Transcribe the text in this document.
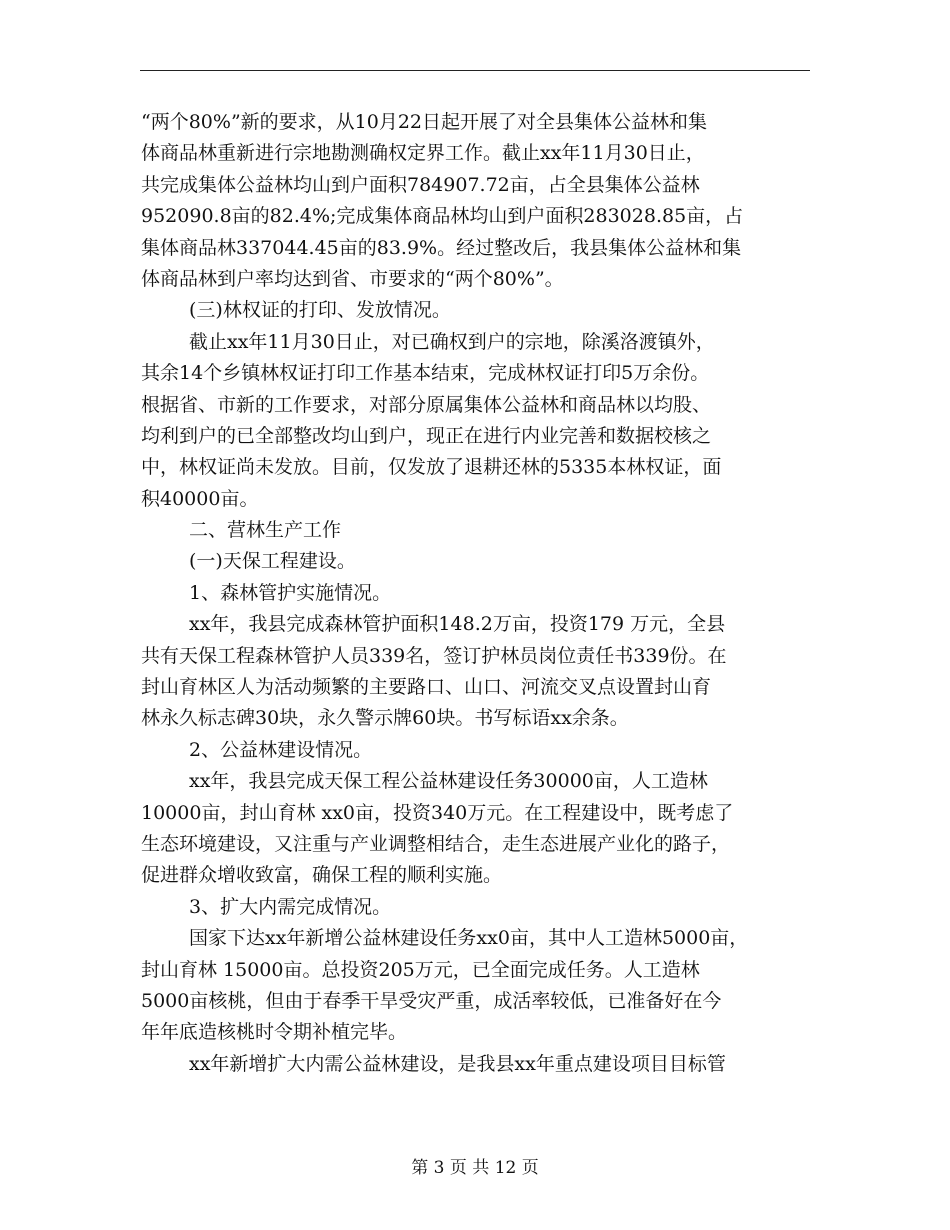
“两个80%”新的要求，从10月22日起开展了对全县集体公益林和集
体商品林重新进行宗地勘测确权定界工作。截止xx年11月30日止，
共完成集体公益林均山到户面积784907.72亩，占全县集体公益林
952090.8亩的82.4%;完成集体商品林均山到户面积283028.85亩，占
集体商品林337044.45亩的83.9%。经过整改后，我县集体公益林和集
体商品林到户率均达到省、市要求的“两个80%”。
(三)林权证的打印、发放情况。
截止xx年11月30日止，对已确权到户的宗地，除溪洛渡镇外，
其余14个乡镇林权证打印工作基本结束，完成林权证打印5万余份。
根据省、市新的工作要求，对部分原属集体公益林和商品林以均股、
均利到户的已全部整改均山到户，现正在进行内业完善和数据校核之
中，林权证尚未发放。目前，仅发放了退耕还林的5335本林权证，面
积40000亩。
二、营林生产工作
(一)天保工程建设。
1、森林管护实施情况。
xx年，我县完成森林管护面积148.2万亩，投资179 万元，全县
共有天保工程森林管护人员339名，签订护林员岗位责任书339份。在
封山育林区人为活动频繁的主要路口、山口、河流交叉点设置封山育
林永久标志碑30块，永久警示牌60块。书写标语xx余条。
2、公益林建设情况。
xx年，我县完成天保工程公益林建设任务30000亩，人工造林
10000亩，封山育林 xx0亩，投资340万元。在工程建设中，既考虑了
生态环境建设，又注重与产业调整相结合，走生态进展产业化的路子，
促进群众增收致富，确保工程的顺利实施。
3、扩大内需完成情况。
国家下达xx年新增公益林建设任务xx0亩，其中人工造林5000亩，
封山育林 15000亩。总投资205万元，已全面完成任务。人工造林
5000亩核桃，但由于春季干旱受灾严重，成活率较低，已准备好在今
年年底造核桃时令期补植完毕。
xx年新增扩大内需公益林建设，是我县xx年重点建设项目目标管
第 3 页 共 12 页
